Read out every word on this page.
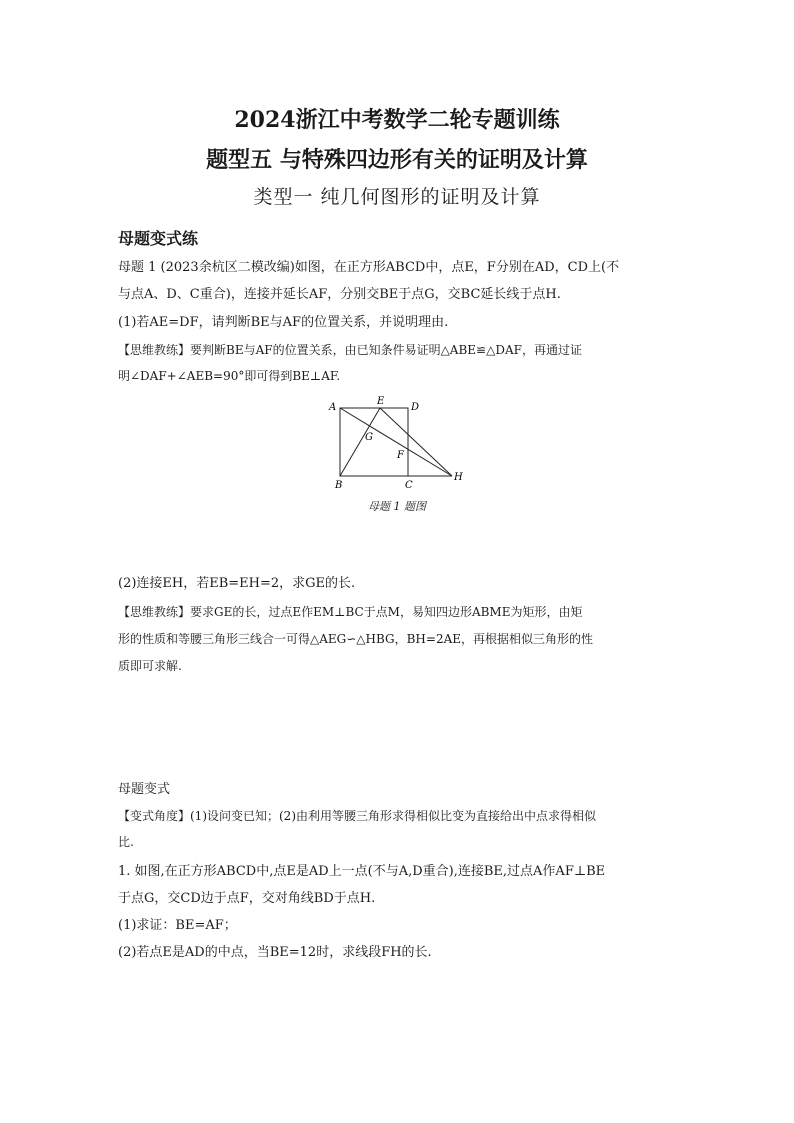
2024浙江中考数学二轮专题训练
题型五 与特殊四边形有关的证明及计算
类型一 纯几何图形的证明及计算
母题变式练
母题 1 (2023余杭区二模改编)如图，在正方形ABCD中，点E，F分别在AD，CD上(不
与点A、D、C重合)，连接并延长AF，分别交BE于点G，交BC延长线于点H.
(1)若AE=DF，请判断BE与AF的位置关系，并说明理由.
【思维教练】要判断BE与AF的位置关系，由已知条件易证明△ABE≌△DAF，再通过证
明∠DAF+∠AEB=90°即可得到BE⊥AF.
A
E
D
G
F
B	C
H
母题 1 题图
(2)连接EH，若EB=EH=2，求GE的长.
【思维教练】要求GE的长，过点E作EM⊥BC于点M，易知四边形ABME为矩形，由矩
形的性质和等腰三角形三线合一可得△AEG∽△HBG，BH=2AE，再根据相似三角形的性
质即可求解.
母题变式
【变式角度】(1)设问变已知；(2)由利用等腰三角形求得相似比变为直接给出中点求得相似
比.
1. 如图,在正方形ABCD中,点E是AD上一点(不与A,D重合),连接BE,过点A作AF⊥BE
于点G，交CD边于点F，交对角线BD于点H.
(1)求证：BE=AF；
(2)若点E是AD的中点，当BE=12时，求线段FH的长.
